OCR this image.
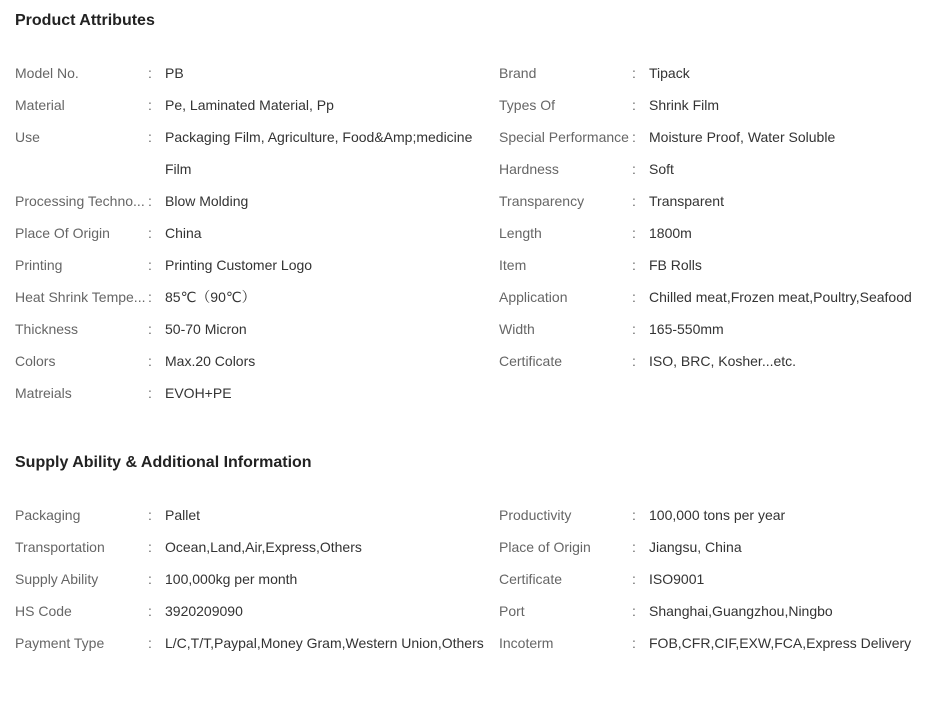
Product Attributes
Model No.	: PB
Material	: Pe, Laminated Material, Pp
Use	: Packaging Film, Agriculture, Food&Amp;medicine Film
Processing Techno... : Blow Molding
Place Of Origin	: China
Printing	: Printing Customer Logo
Heat Shrink Tempe... : 85℃（90℃）
Thickness	: 50-70 Micron
Colors	: Max.20 Colors
Matreials	: EVOH+PE
Brand	: Tipack
Types Of	: Shrink Film
Special Performance : Moisture Proof, Water Soluble
Hardness	: Soft
Transparency	: Transparent
Length	: 1800m
Item	: FB Rolls
Application	: Chilled meat,Frozen meat,Poultry,Seafood
Width	: 165-550mm
Certificate	: ISO, BRC, Kosher...etc.
Supply Ability & Additional Information
Packaging	: Pallet
Transportation	: Ocean,Land,Air,Express,Others
Supply Ability	: 100,000kg per month
HS Code	: 3920209090
Payment Type	: L/C,T/T,Paypal,Money Gram,Western Union,Others
Productivity	: 100,000 tons per year
Place of Origin	: Jiangsu, China
Certificate	: ISO9001
Port	: Shanghai,Guangzhou,Ningbo
Incoterm	: FOB,CFR,CIF,EXW,FCA,Express Delivery
